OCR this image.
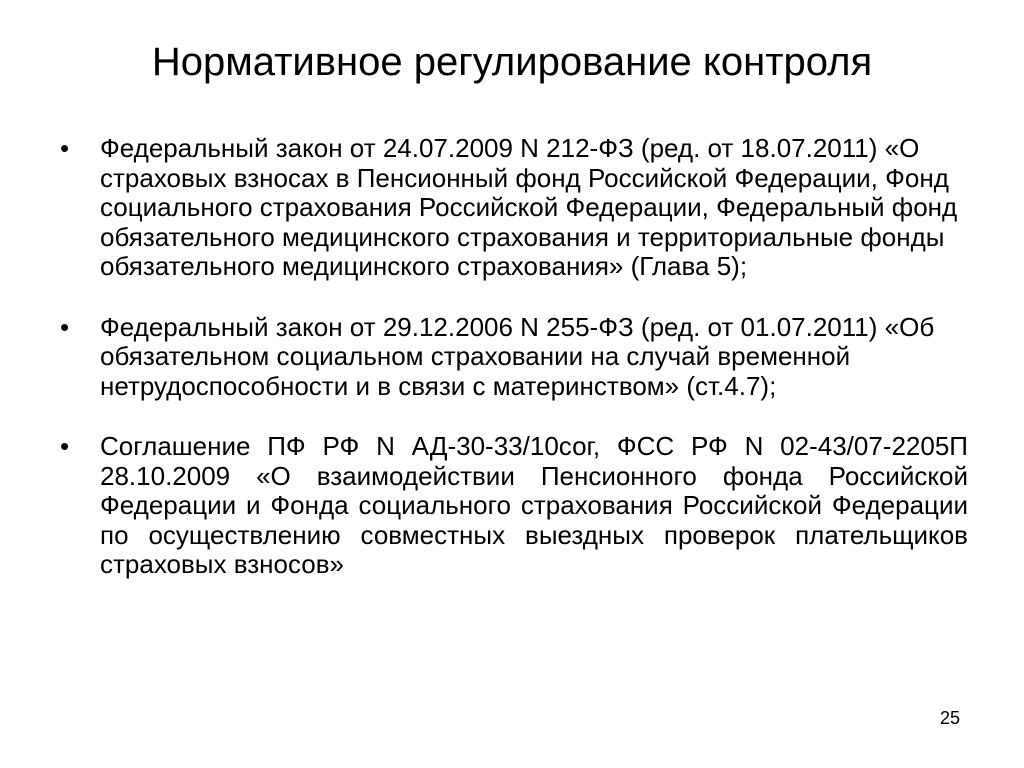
Нормативное регулирование контроля
•	Федеральный закон от 24.07.2009 N 212-ФЗ (ред. от 18.07.2011) «О страховых взносах в Пенсионный фонд Российской Федерации, Фонд социального страхования Российской Федерации, Федеральный фонд обязательного медицинского страхования и территориальные фонды обязательного медицинского страхования» (Глава 5);

•	Федеральный закон от 29.12.2006 N 255-ФЗ (ред. от 01.07.2011) «Об обязательном социальном страховании на случай временной нетрудоспособности и в связи с материнством» (ст.4.7);

•	Соглашение ПФ РФ N АД-30-33/10сог, ФСС РФ N 02-43/07-2205П 28.10.2009 «О взаимодействии Пенсионного фонда Российской Федерации и Фонда социального страхования Российской Федерации по осуществлению совместных выездных проверок плательщиков страховых взносов»

25
